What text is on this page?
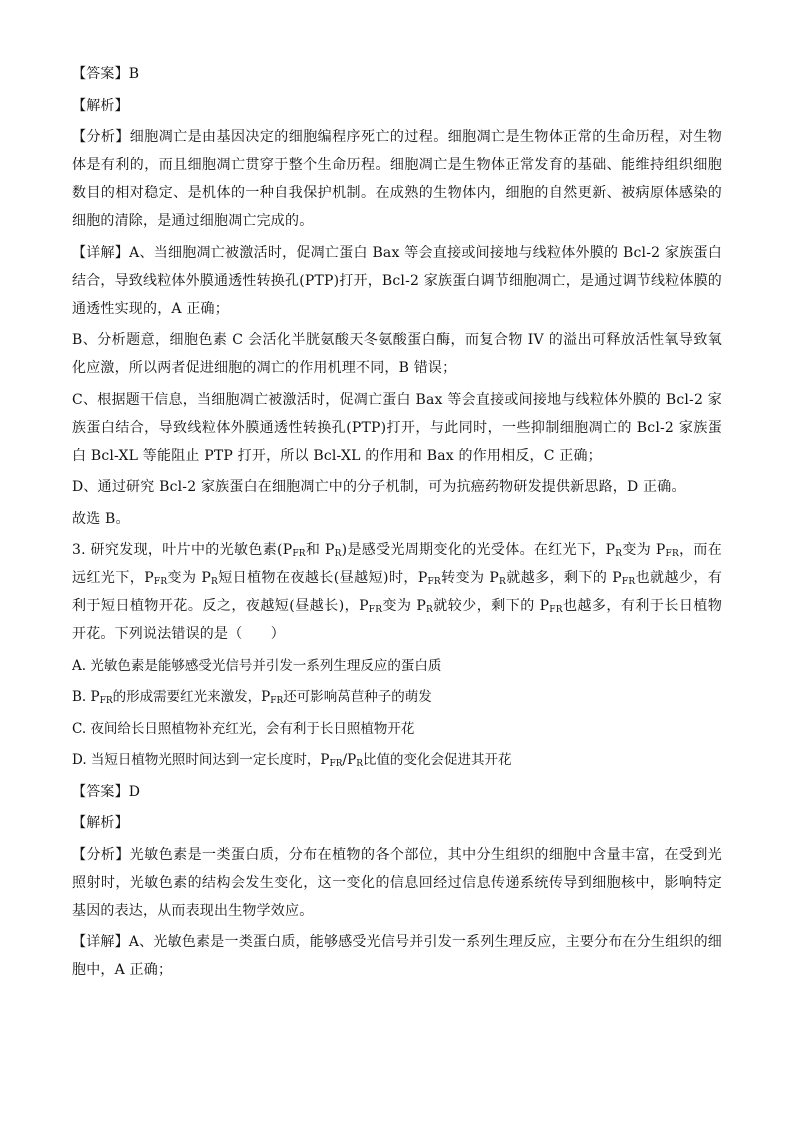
【答案】B

【解析】

【分析】细胞凋亡是由基因决定的细胞编程序死亡的过程。细胞凋亡是生物体正常的生命历程，对生物体是有利的，而且细胞凋亡贯穿于整个生命历程。细胞凋亡是生物体正常发育的基础、能维持组织细胞数目的相对稳定、是机体的一种自我保护机制。在成熟的生物体内，细胞的自然更新、被病原体感染的细胞的清除，是通过细胞凋亡完成的。

【详解】A、当细胞凋亡被激活时，促凋亡蛋白 Bax 等会直接或间接地与线粒体外膜的 Bcl-2 家族蛋白结合，导致线粒体外膜通透性转换孔(PTP)打开，Bcl-2 家族蛋白调节细胞凋亡，是通过调节线粒体膜的通透性实现的，A 正确；

B、分析题意，细胞色素 C 会活化半胱氨酸天冬氨酸蛋白酶，而复合物 IV 的溢出可释放活性氧导致氧化应激，所以两者促进细胞的凋亡的作用机理不同，B 错误；

C、根据题干信息，当细胞凋亡被激活时，促凋亡蛋白 Bax 等会直接或间接地与线粒体外膜的 Bcl-2 家族蛋白结合，导致线粒体外膜通透性转换孔(PTP)打开，与此同时，一些抑制细胞凋亡的 Bcl-2 家族蛋白 Bcl-XL 等能阻止 PTP 打开，所以 Bcl-XL 的作用和 Bax 的作用相反，C 正确；

D、通过研究 Bcl-2 家族蛋白在细胞凋亡中的分子机制，可为抗癌药物研发提供新思路，D 正确。

故选 B。

3. 研究发现，叶片中的光敏色素($P_{FR}$和 $P_R$)是感受光周期变化的光受体。在红光下，$P_R$变为 $P_{FR}$，而在远红光下，$P_{FR}$变为 $P_R$短日植物在夜越长(昼越短)时，$P_{FR}$转变为 $P_R$就越多，剩下的 $P_{FR}$也就越少，有利于短日植物开花。反之，夜越短(昼越长)，$P_{FR}$变为 $P_R$就较少，剩下的 $P_{FR}$也越多，有利于长日植物开花。下列说法错误的是（　　）

A. 光敏色素是能够感受光信号并引发一系列生理反应的蛋白质

B. $P_{FR}$的形成需要红光来激发，$P_{FR}$还可影响莴苣种子的萌发

C. 夜间给长日照植物补充红光，会有利于长日照植物开花

D. 当短日植物光照时间达到一定长度时，$P_{FR}/P_R$比值的变化会促进其开花

【答案】D

【解析】

【分析】光敏色素是一类蛋白质，分布在植物的各个部位，其中分生组织的细胞中含量丰富，在受到光照射时，光敏色素的结构会发生变化，这一变化的信息回经过信息传递系统传导到细胞核中，影响特定基因的表达，从而表现出生物学效应。

【详解】A、光敏色素是一类蛋白质，能够感受光信号并引发一系列生理反应，主要分布在分生组织的细胞中，A 正确；
